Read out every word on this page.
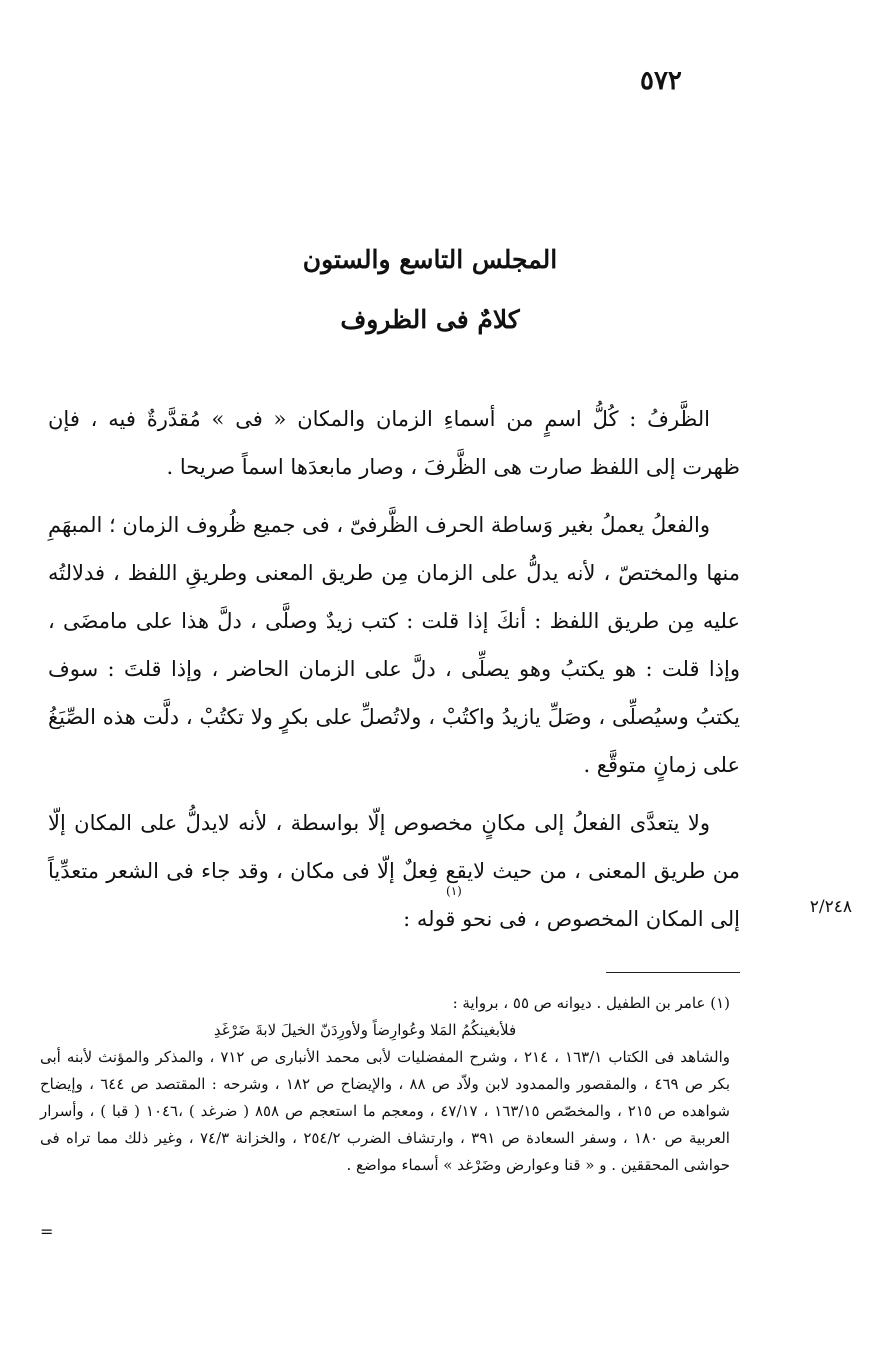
٥٧٢
المجلس التاسع والستون
كلامٌ فى الظروف

الظَّرفُ : كُلُّ اسمٍ من أسماءِ الزمان والمكان « فى » مُقدَّرةٌ فيه ، فإن ظهرت إلى اللفظ صارت هى الظَّرفَ ، وصار مابعدَها اسماً صريحا .

والفعلُ يعملُ بغير وَساطة الحرف الظَّرفىّ ، فى جميع ظُروف الزمان ؛ المبهَمِ منها والمختصّ ، لأنه يدلُّ على الزمان مِن طريق المعنى وطريقِ اللفظ ، فدلالتُه عليه مِن طريق اللفظ : أنكَ إذا قلت : كتب زيدٌ وصلَّى ، دلَّ هذا على مامضَى ، وإذا قلت : هو يكتبُ وهو يصلِّى ، دلَّ على الزمان الحاضر ، وإذا قلتَ : سوف يكتبُ وسيُصلِّى ، وصَلِّ يازيدُ واكتُبْ ، ولاتُصلِّ على بكرٍ ولا تكتُبْ ، دلَّت هذه الصِّيَغُ على زمانٍ متوقَّع .

ولا يتعدَّى الفعلُ إلى مكانٍ مخصوص إلّا بواسطة ، لأنه لايدلُّ على المكان إلّا من طريق المعنى ، من حيث لايقع فِعلٌ إلّا فى مكان ، وقد جاء فى الشعر متعدِّياً إلى المكان المخصوص ، فى نحو قوله :

(١)
٢/٢٤٨

(١) عامر بن الطفيل . ديوانه ص ٥٥ ، برواية :

فلأبغينكُمُ المَلا وعُوارِضاً ولأورِدَنّ الخيلَ لابةَ ضَرْغَدِ

والشاهد فى الكتاب ١٦٣/١ ، ٢١٤ ، وشرح المفضليات لأبى محمد الأنبارى ص ٧١٢ ، والمذكر والمؤنث لأبنه أبى بكر ص ٤٦٩ ، والمقصور والممدود لابن ولاّد ص ٨٨ ، والإيضاح ص ١٨٢ ، وشرحه : المقتصد ص ٦٤٤ ، وإيضاح شواهده ص ٢١٥ ، والمخصّص ١٦٣/١٥ ، ٤٧/١٧ ، ومعجم ما استعجم ص ٨٥٨ ( ضرغد ) ،١٠٤٦ ( قبا ) ، وأسرار العربية ص ١٨٠ ، وسفر السعادة ص ٣٩١ ، وارتشاف الضرب ٢٥٤/٢ ، والخزانة ٧٤/٣ ، وغير ذلك مما تراه فى حواشى المحققين . و « قنا وعوارض وضَرْغد » أسماء مواضع .

=
